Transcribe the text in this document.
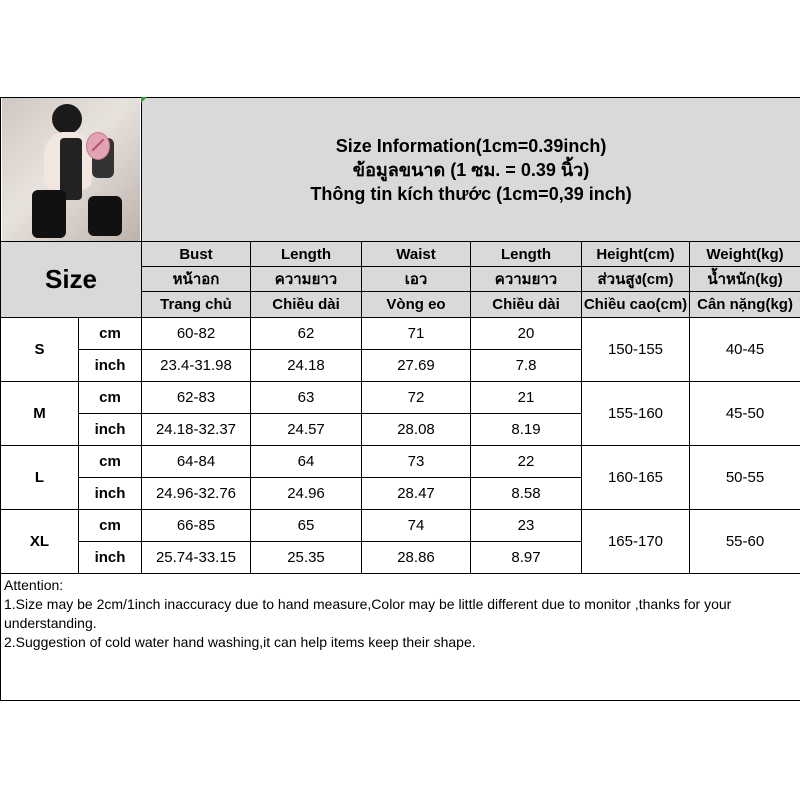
		Size Information(1cm=0.39inch)
ข้อมูลขนาด (1 ซม. = 0.39 นิ้ว)
Thông tin kích thước (1cm=0,39 inch)					

Size		Bust	Length	Waist	Length	Height(cm)	Weight(kg)
		หน้าอก	ความยาว	เอว	ความยาว	ส่วนสูง(cm)	น้ำหนัก(kg)
		Trang chủ	Chiều dài	Vòng eo	Chiều dài	Chiều cao(cm)	Cân nặng(kg)
S	cm	60-82	62	71	20	150-155	40-45
	inch	23.4-31.98	24.18	27.69	7.8		
M	cm	62-83	63	72	21	155-160	45-50
	inch	24.18-32.37	24.57	28.08	8.19		
L	cm	64-84	64	73	22	160-165	50-55
	inch	24.96-32.76	24.96	28.47	8.58		
XL	cm	66-85	65	74	23	165-170	55-60
	inch	25.74-33.15	25.35	28.86	8.97		
Attention:
1.Size may be 2cm/1inch inaccuracy due to hand measure,Color may be little different due to monitor ,thanks for your understanding.
2.Suggestion of cold water hand washing,it can help items keep their shape.
